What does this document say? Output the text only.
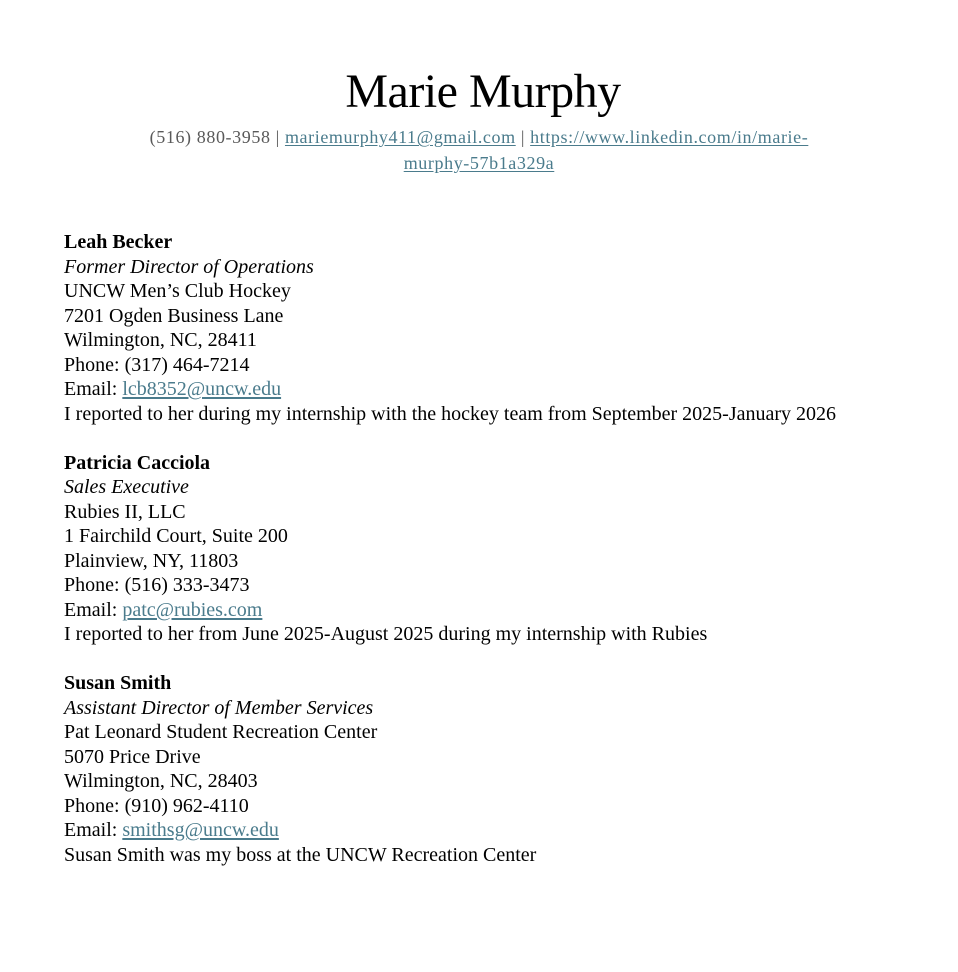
Marie Murphy
(516) 880-3958 | mariemurphy411@gmail.com | https://www.linkedin.com/in/marie-
murphy-57b1a329a
Leah Becker
Former Director of Operations
UNCW Men’s Club Hockey
7201 Ogden Business Lane
Wilmington, NC, 28411
Phone: (317) 464-7214
Email: lcb8352@uncw.edu
I reported to her during my internship with the hockey team from September 2025-January 2026
Patricia Cacciola
Sales Executive
Rubies II, LLC
1 Fairchild Court, Suite 200
Plainview, NY, 11803
Phone: (516) 333-3473
Email: patc@rubies.com
I reported to her from June 2025-August 2025 during my internship with Rubies
Susan Smith
Assistant Director of Member Services
Pat Leonard Student Recreation Center
5070 Price Drive
Wilmington, NC, 28403
Phone: (910) 962-4110
Email: smithsg@uncw.edu
Susan Smith was my boss at the UNCW Recreation Center
